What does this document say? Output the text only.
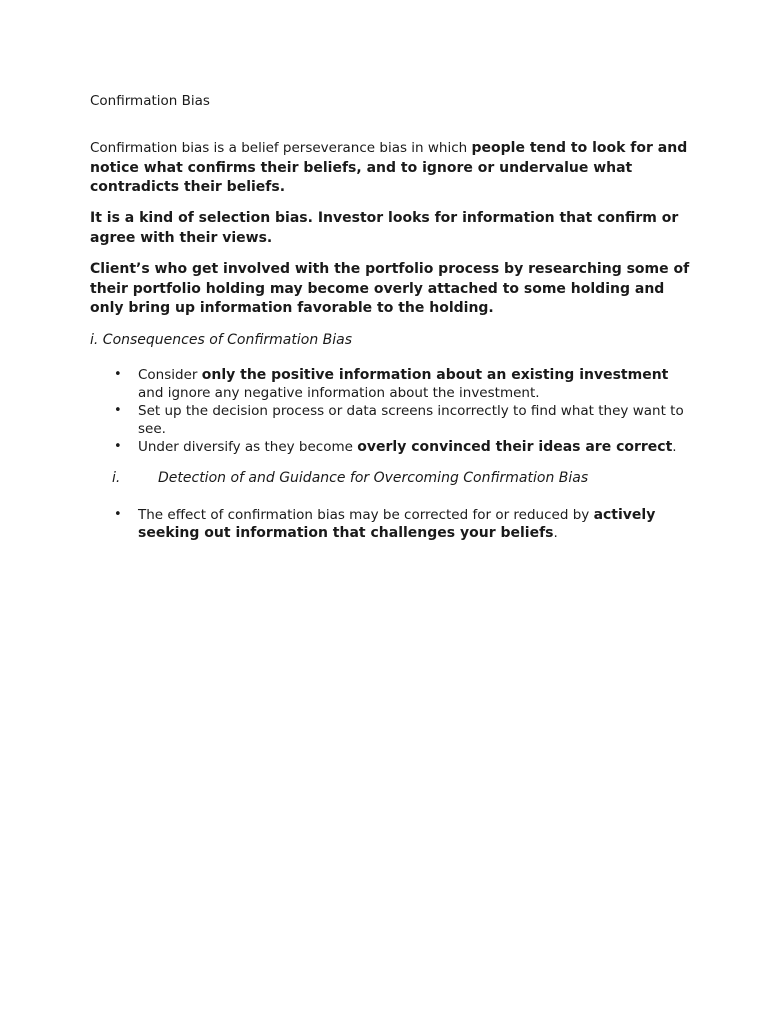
Confirmation Bias

Confirmation bias is a belief perseverance bias in which people tend to look for and notice what confirms their beliefs, and to ignore or undervalue what contradicts their beliefs.

It is a kind of selection bias. Investor looks for information that confirm or agree with their views.

Client’s who get involved with the portfolio process by researching some of their portfolio holding may become overly attached to some holding and only bring up information favorable to the holding.

i. Consequences of Confirmation Bias
• Consider only the positive information about an existing investment and ignore any negative information about the investment.
• Set up the decision process or data screens incorrectly to find what they want to see.
• Under diversify as they become overly convinced their ideas are correct.
i.	Detection of and Guidance for Overcoming Confirmation Bias
• The effect of confirmation bias may be corrected for or reduced by actively seeking out information that challenges your beliefs.
